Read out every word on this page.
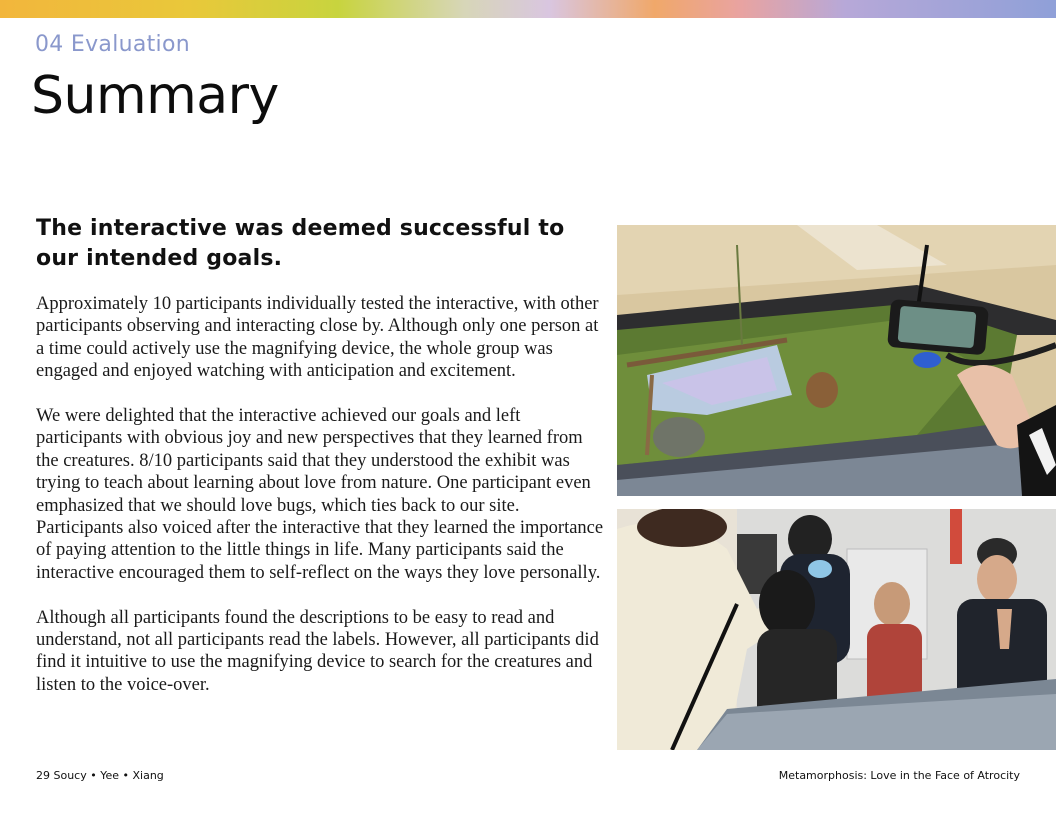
04 Evaluation
Summary
The interactive was deemed successful to our intended goals.

Approximately 10 participants individually tested the interactive, with other participants observing and interacting close by. Although only one person at a time could actively use the magnifying device, the whole group was engaged and enjoyed watching with anticipation and excitement.

We were delighted that the interactive achieved our goals and left participants with obvious joy and new perspectives that they learned from the creatures. 8/10 participants said that they understood the exhibit was trying to teach about learning about love from nature. One participant even emphasized that we should love bugs, which ties back to our site. Participants also voiced after the interactive that they learned the importance of paying attention to the little things in life. Many participants said the interactive encouraged them to self-reflect on the ways they love personally.

Although all participants found the descriptions to be easy to read and understand, not all participants read the labels. However, all participants did find it intuitive to use the magnifying device to search for the creatures and listen to the voice-over.

29 Soucy • Yee • Xiang	Metamorphosis: Love in the Face of Atrocity
